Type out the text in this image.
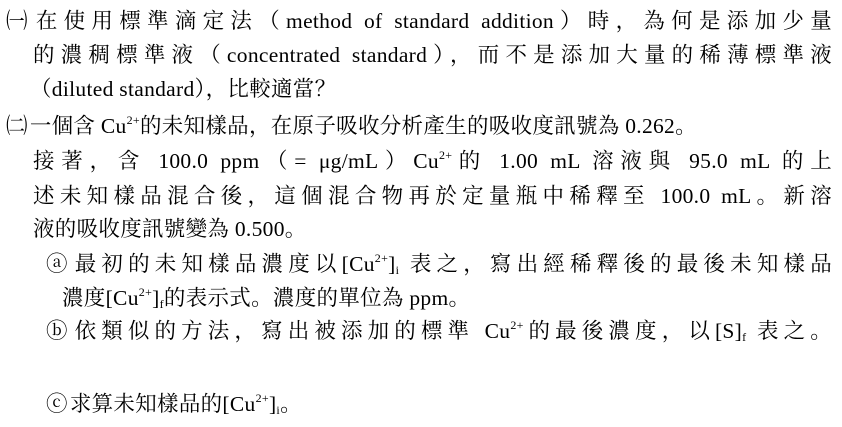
㈠在使用標準滴定法（method of standard addition）時，為何是添加少量
的濃稠標準液（concentrated standard），而不是添加大量的稀薄標準液
（diluted standard），比較適當？
㈡一個含 $Cu^{2+}$的未知樣品，在原子吸收分析產生的吸收度訊號為 0.262。
接著，含 100.0 $ppm(= \mu g/mL)Cu^{2+}$的 1.00 mL 溶液與 95.0 mL 的上
述未知樣品混合後，這個混合物再於定量瓶中稀釋至 100.0 mL。新溶
液的吸收度訊號變為 0.500。
ⓐ最初的未知樣品濃度以$[Cu^{2+}]_i$ 表之，寫出經稀釋後的最後未知樣品
濃度$[Cu^{2+}]_f$的表示式。濃度的單位為 ppm。
ⓑ依類似的方法，寫出被添加的標準 $Cu^{2+}$的最後濃度，以$[S]_f$ 表之。
ⓒ求算未知樣品的$[Cu^{2+}]_i$。
